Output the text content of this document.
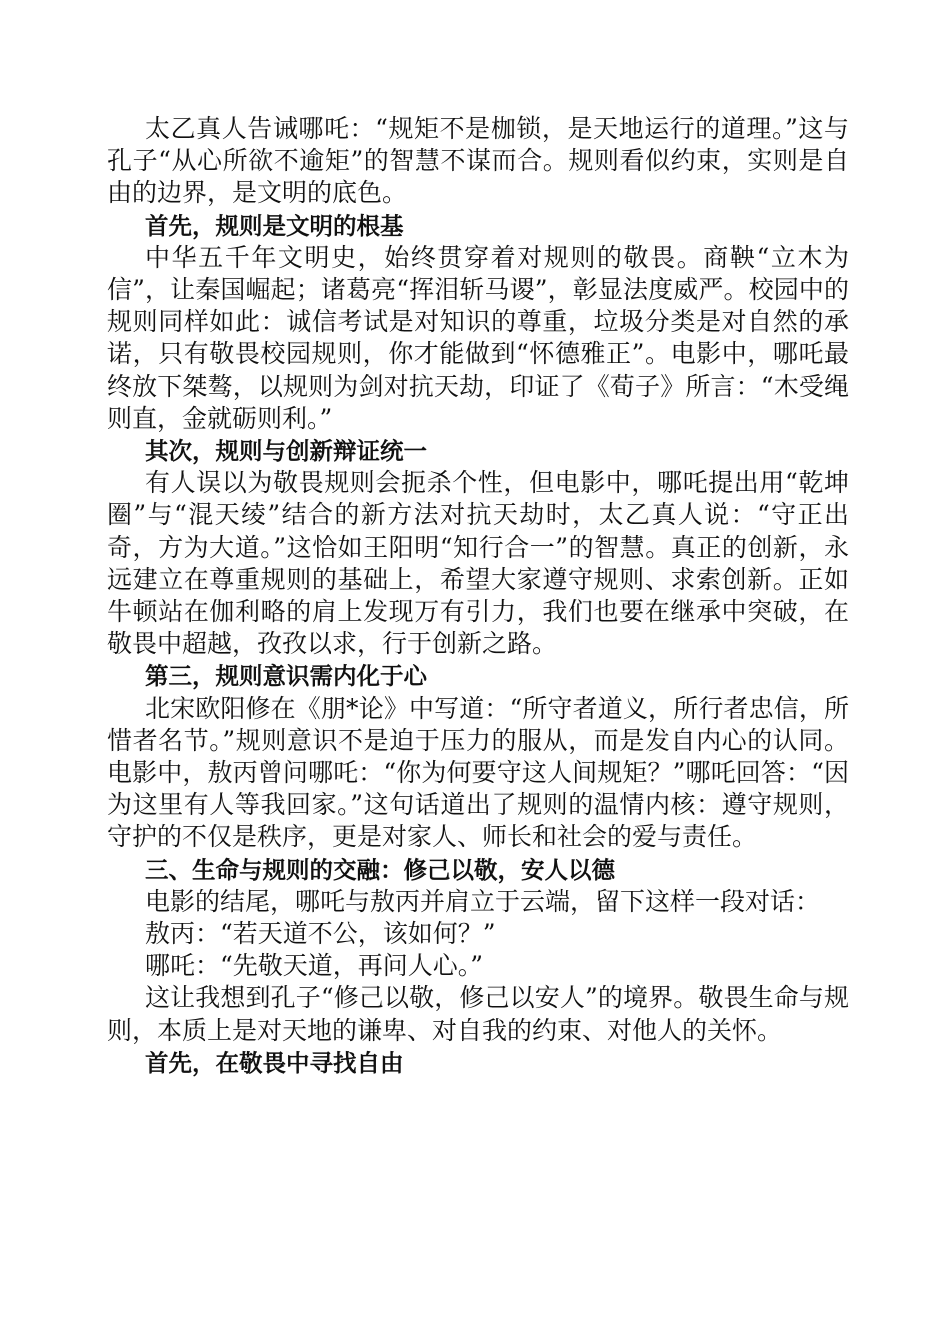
太乙真人告诫哪吒：“规矩不是枷锁，是天地运行的道理。”这与孔子“从心所欲不逾矩”的智慧不谋而合。规则看似约束，实则是自由的边界，是文明的底色。

首先，规则是文明的根基

中华五千年文明史，始终贯穿着对规则的敬畏。商鞅“立木为信”，让秦国崛起；诸葛亮“挥泪斩马谡”，彰显法度威严。校园中的规则同样如此：诚信考试是对知识的尊重，垃圾分类是对自然的承诺，只有敬畏校园规则，你才能做到“怀德雅正”。电影中，哪吒最终放下桀骜，以规则为剑对抗天劫，印证了《荀子》所言：“木受绳则直，金就砺则利。”

其次，规则与创新辩证统一

有人误以为敬畏规则会扼杀个性，但电影中，哪吒提出用“乾坤圈”与“混天绫”结合的新方法对抗天劫时，太乙真人说：“守正出奇，方为大道。”这恰如王阳明“知行合一”的智慧。真正的创新，永远建立在尊重规则的基础上，希望大家遵守规则、求索创新。正如牛顿站在伽利略的肩上发现万有引力，我们也要在继承中突破，在敬畏中超越，孜孜以求，行于创新之路。

第三，规则意识需内化于心

北宋欧阳修在《朋*论》中写道：“所守者道义，所行者忠信，所惜者名节。”规则意识不是迫于压力的服从，而是发自内心的认同。电影中，敖丙曾问哪吒：“你为何要守这人间规矩？”哪吒回答：“因为这里有人等我回家。”这句话道出了规则的温情内核：遵守规则，守护的不仅是秩序，更是对家人、师长和社会的爱与责任。

三、生命与规则的交融：修己以敬，安人以德

电影的结尾，哪吒与敖丙并肩立于云端，留下这样一段对话：

敖丙：“若天道不公，该如何？”

哪吒：“先敬天道，再问人心。”

这让我想到孔子“修己以敬，修己以安人”的境界。敬畏生命与规则，本质上是对天地的谦卑、对自我的约束、对他人的关怀。

首先，在敬畏中寻找自由
